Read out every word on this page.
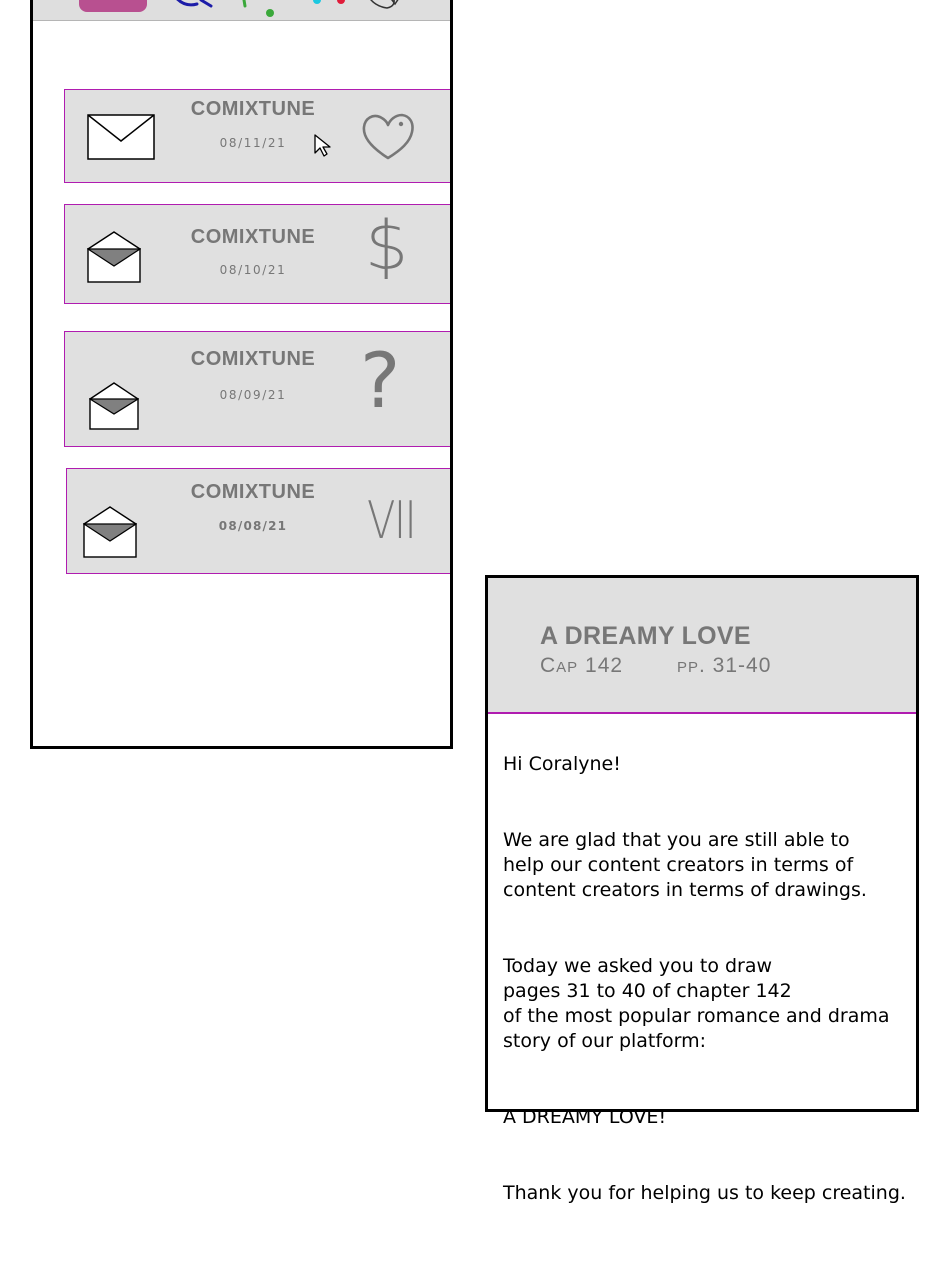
COMIXTUNE
08/11/21
COMIXTUNE
08/10/21	$
COMIXTUNE
08/09/21 ?
COMIXTUNE
08/08/21	VII
A DREAMY LOVE
Cap 142	pp. 31-40

Hi Coralyne!

We are glad that you are still able to
help our content creators in terms of
content creators in terms of drawings.

Today we asked you to draw
pages 31 to 40 of chapter 142
of the most popular romance and drama
story of our platform:

A DREAMY LOVE!

Thank you for helping us to keep creating.
